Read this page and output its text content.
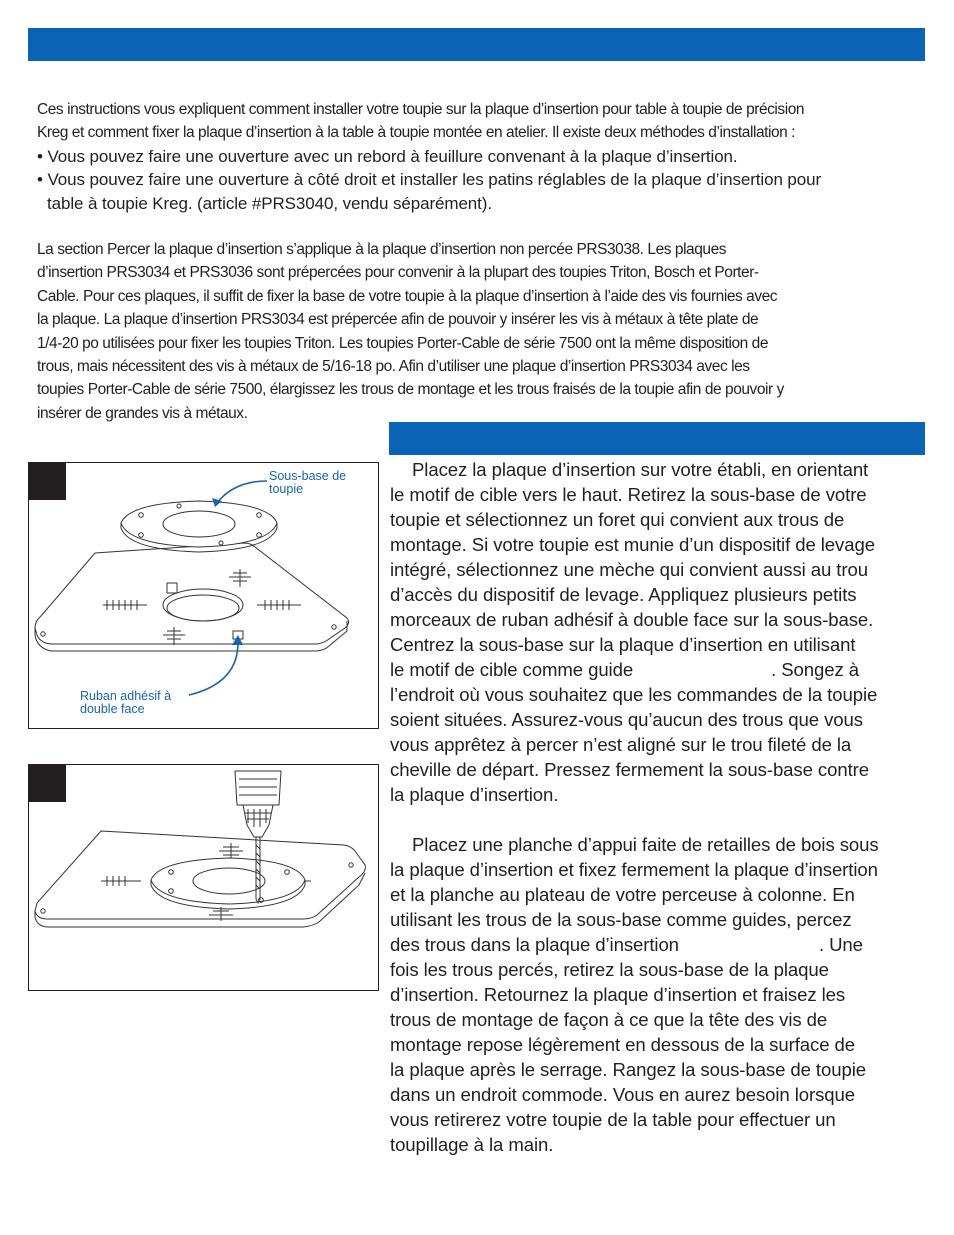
Ces instructions vous expliquent comment installer votre toupie sur la plaque d’insertion pour table à toupie de précision

Kreg et comment fixer la plaque d’insertion à la table à toupie montée en atelier. Il existe deux méthodes d’installation :

• Vous pouvez faire une ouverture avec un rebord à feuillure convenant à la plaque d’insertion.

• Vous pouvez faire une ouverture à côté droit et installer les patins réglables de la plaque d’insertion pour

table à toupie Kreg. (article #PRS3040, vendu séparément).

La section Percer la plaque d’insertion s’applique à la plaque d’insertion non percée PRS3038. Les plaques

d’insertion PRS3034 et PRS3036 sont prépercées pour convenir à la plupart des toupies Triton, Bosch et Porter-

Cable. Pour ces plaques, il suffit de fixer la base de votre toupie à la plaque d’insertion à l’aide des vis fournies avec

la plaque. La plaque d’insertion PRS3034 est prépercée afin de pouvoir y insérer les vis à métaux à tête plate de

1/4-20 po utilisées pour fixer les toupies Triton. Les toupies Porter-Cable de série 7500 ont la même disposition de

trous, mais nécessitent des vis à métaux de 5/16-18 po. Afin d’utiliser une plaque d’insertion PRS3034 avec les

toupies Porter-Cable de série 7500, élargissez les trous de montage et les trous fraisés de la toupie afin de pouvoir y

insérer de grandes vis à métaux.

Placez la plaque d’insertion sur votre établi, en orientant

le motif de cible vers le haut. Retirez la sous-base de votre

toupie et sélectionnez un foret qui convient aux trous de

montage. Si votre toupie est munie d’un dispositif de levage

intégré, sélectionnez une mèche qui convient aussi au trou

d’accès du dispositif de levage. Appliquez plusieurs petits

morceaux de ruban adhésif à double face sur la sous-base.

Centrez la sous-base sur la plaque d’insertion en utilisant

le motif de cible comme guide	. Songez à

l’endroit où vous souhaitez que les commandes de la toupie

soient situées. Assurez-vous qu’aucun des trous que vous

vous apprêtez à percer n’est aligné sur le trou fileté de la

cheville de départ. Pressez fermement la sous-base contre

la plaque d’insertion.

Placez une planche d’appui faite de retailles de bois sous

la plaque d’insertion et fixez fermement la plaque d’insertion

et la planche au plateau de votre perceuse à colonne. En

utilisant les trous de la sous-base comme guides, percez

des trous dans la plaque d’insertion	. Une

fois les trous percés, retirez la sous-base de la plaque

d’insertion. Retournez la plaque d’insertion et fraisez les

trous de montage de façon à ce que la tête des vis de

montage repose légèrement en dessous de la surface de

la plaque après le serrage. Rangez la sous-base de toupie

dans un endroit commode. Vous en aurez besoin lorsque

vous retirerez votre toupie de la table pour effectuer un

toupillage à la main.

Sous-base de toupie
Ruban adhésif à double face
